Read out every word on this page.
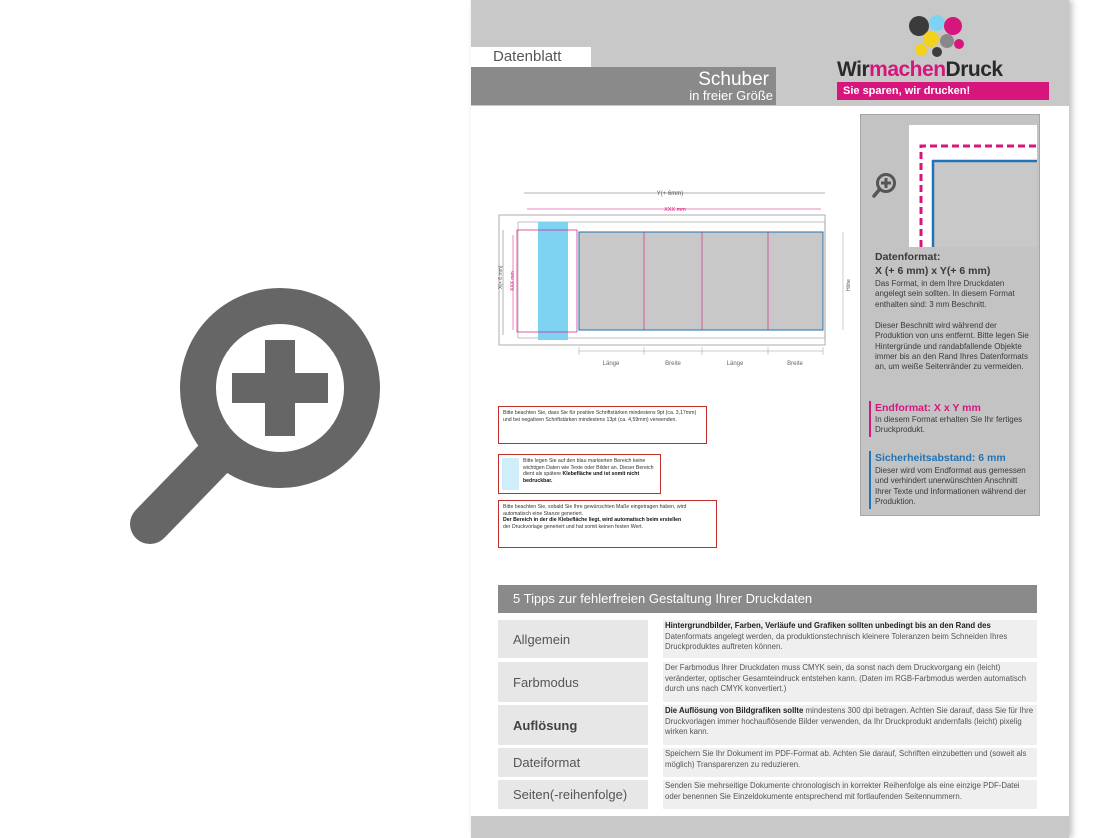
Datenblatt
Schuber
in freier Größe
WirmachenDruck
Sie sparen, wir drucken!
Y(+ 6mm)
XXX mm
X(+ 6 mm) XXX mm	Höhe
Länge	Breite	Länge	Breite
Bitte beachten Sie, dass Sie für positive Schriftstärken mindestens 9pt (ca. 3,17mm) und bei negativen Schriftstärken mindestens 13pt (ca. 4,59mm) verwenden.
Bitte legen Sie auf den blau markierten Bereich keine wichtigen Daten wie Texte oder Bilder an. Dieser Bereich dient als spätere Klebefläche und ist somit nicht bedruckbar.
Bitte beachten Sie, sobald Sie Ihre gewünschten Maße eingetragen haben, wird automatisch eine Stanze generiert.
Der Bereich in der die Klebefläche liegt, wird automatisch beim erstellen
der Druckvorlage generiert und hat somit keinen festen Wert.
Datenformat:
X (+ 6 mm) x Y(+ 6 mm)
Das Format, in dem Ihre Druckdaten angelegt sein sollten. In diesem Format enthalten sind: 3 mm Beschnitt.
Dieser Beschnitt wird während der Produktion von uns entfernt. Bitte legen Sie Hintergründe und randabfallende Objekte immer bis an den Rand Ihres Datenformats an, um weiße Seitenränder zu vermeiden.
Endformat: X x Y mm
In diesem Format erhalten Sie Ihr fertiges Druckprodukt.
Sicherheitsabstand: 6 mm
Dieser wird vom Endformat aus gemessen und verhindert unerwünschten Anschnitt Ihrer Texte und Informationen während der Produktion.
5 Tipps zur fehlerfreien Gestaltung Ihrer Druckdaten
Allgemein
Hintergrundbilder, Farben, Verläufe und Grafiken sollten unbedingt bis an den Rand des Datenformats angelegt werden, da produktionstechnisch kleinere Toleranzen beim Schneiden Ihres Druckproduktes auftreten können.
Farbmodus
Der Farbmodus Ihrer Druckdaten muss CMYK sein, da sonst nach dem Druckvorgang ein (leicht) veränderter, optischer Gesamteindruck entstehen kann. (Daten im RGB-Farbmodus werden automatisch durch uns nach CMYK konvertiert.)
Auflösung
Die Auflösung von Bildgrafiken sollte mindestens 300 dpi betragen. Achten Sie darauf, dass Sie für Ihre Druckvorlagen immer hochauflösende Bilder verwenden, da Ihr Druckprodukt andernfalls (leicht) pixelig wirken kann.
Dateiformat
Speichern Sie Ihr Dokument im PDF-Format ab. Achten Sie darauf, Schriften einzubetten und (soweit als möglich) Transparenzen zu reduzieren.
Seiten(-reihenfolge)
Senden Sie mehrseitige Dokumente chronologisch in korrekter Reihenfolge als eine einzige PDF-Datei oder benennen Sie Einzeldokumente entsprechend mit fortlaufenden Seitennummern.
